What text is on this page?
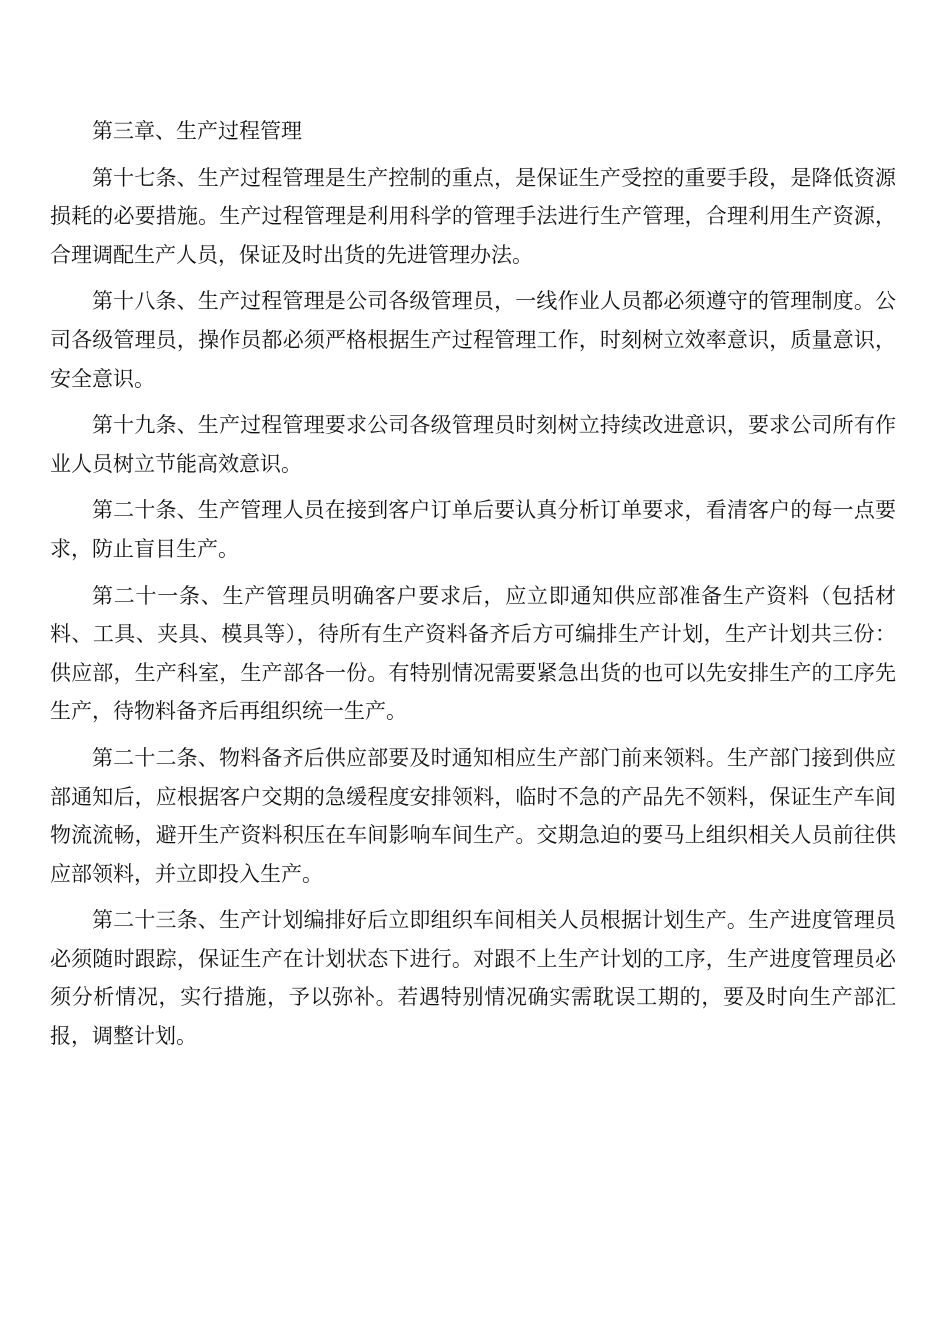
第三章、生产过程管理

第十七条、生产过程管理是生产控制的重点，是保证生产受控的重要手段，是降低资源损耗的必要措施。生产过程管理是利用科学的管理手法进行生产管理，合理利用生产资源，合理调配生产人员，保证及时出货的先进管理办法。

第十八条、生产过程管理是公司各级管理员，一线作业人员都必须遵守的管理制度。公司各级管理员，操作员都必须严格根据生产过程管理工作，时刻树立效率意识，质量意识，安全意识。

第十九条、生产过程管理要求公司各级管理员时刻树立持续改进意识，要求公司所有作业人员树立节能高效意识。

第二十条、生产管理人员在接到客户订单后要认真分析订单要求，看清客户的每一点要求，防止盲目生产。

第二十一条、生产管理员明确客户要求后，应立即通知供应部准备生产资料（包括材料、工具、夹具、模具等），待所有生产资料备齐后方可编排生产计划，生产计划共三份：供应部，生产科室，生产部各一份。有特别情况需要紧急出货的也可以先安排生产的工序先生产，待物料备齐后再组织统一生产。

第二十二条、物料备齐后供应部要及时通知相应生产部门前来领料。生产部门接到供应部通知后，应根据客户交期的急缓程度安排领料，临时不急的产品先不领料，保证生产车间物流流畅，避开生产资料积压在车间影响车间生产。交期急迫的要马上组织相关人员前往供应部领料，并立即投入生产。

第二十三条、生产计划编排好后立即组织车间相关人员根据计划生产。生产进度管理员必须随时跟踪，保证生产在计划状态下进行。对跟不上生产计划的工序，生产进度管理员必须分析情况，实行措施，予以弥补。若遇特别情况确实需耽误工期的，要及时向生产部汇报，调整计划。
